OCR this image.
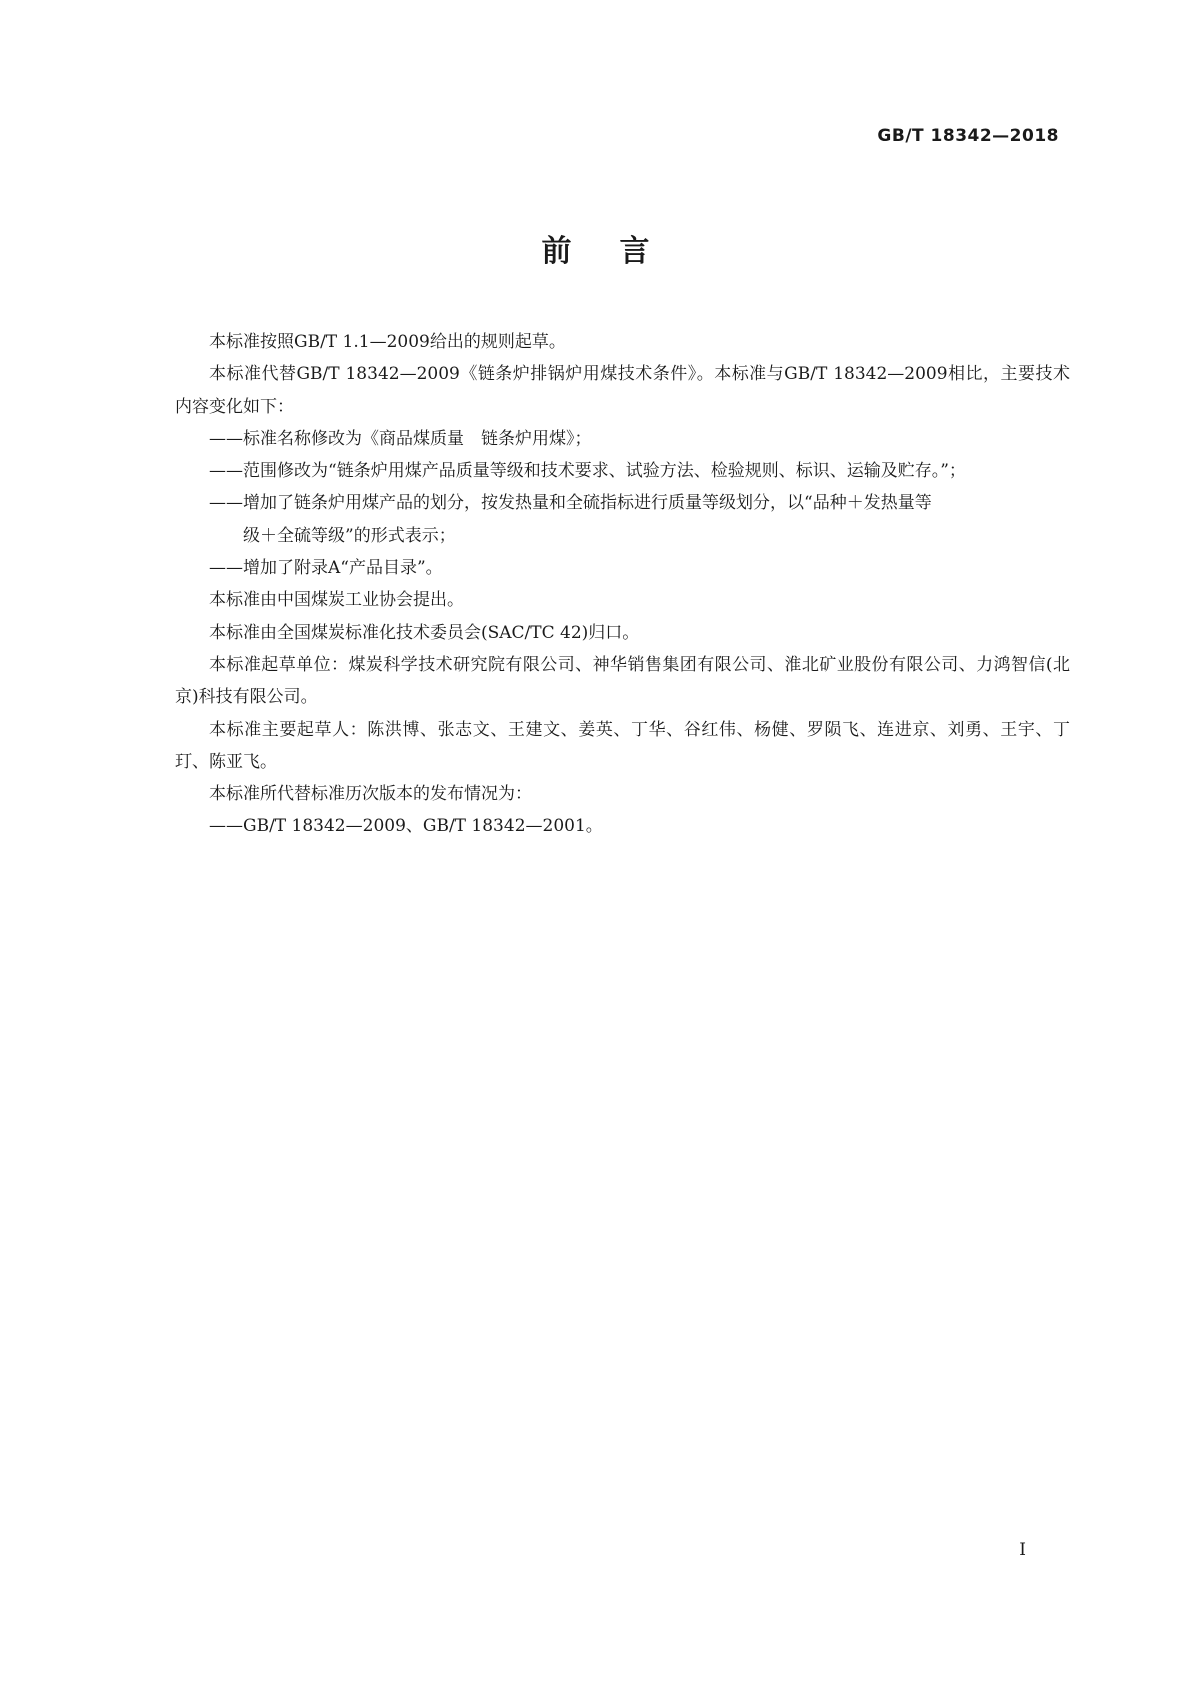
GB/T 18342—2018
前言

本标准按照GB/T 1.1—2009给出的规则起草。

本标准代替GB/T 18342—2009《链条炉排锅炉用煤技术条件》。本标准与GB/T 18342—2009相比，主要技术内容变化如下：

——标准名称修改为《商品煤质量　链条炉用煤》；

——范围修改为“链条炉用煤产品质量等级和技术要求、试验方法、检验规则、标识、运输及贮存。”；

——增加了链条炉用煤产品的划分，按发热量和全硫指标进行质量等级划分，以“品种＋发热量等

级＋全硫等级”的形式表示；

——增加了附录A“产品目录”。

本标准由中国煤炭工业协会提出。

本标准由全国煤炭标准化技术委员会(SAC/TC 42)归口。

本标准起草单位：煤炭科学技术研究院有限公司、神华销售集团有限公司、淮北矿业股份有限公司、力鸿智信(北京)科技有限公司。

本标准主要起草人：陈洪博、张志文、王建文、姜英、丁华、谷红伟、杨健、罗陨飞、连进京、刘勇、王宇、丁玎、陈亚飞。

本标准所代替标准历次版本的发布情况为：

——GB/T 18342—2009、GB/T 18342—2001。

I
